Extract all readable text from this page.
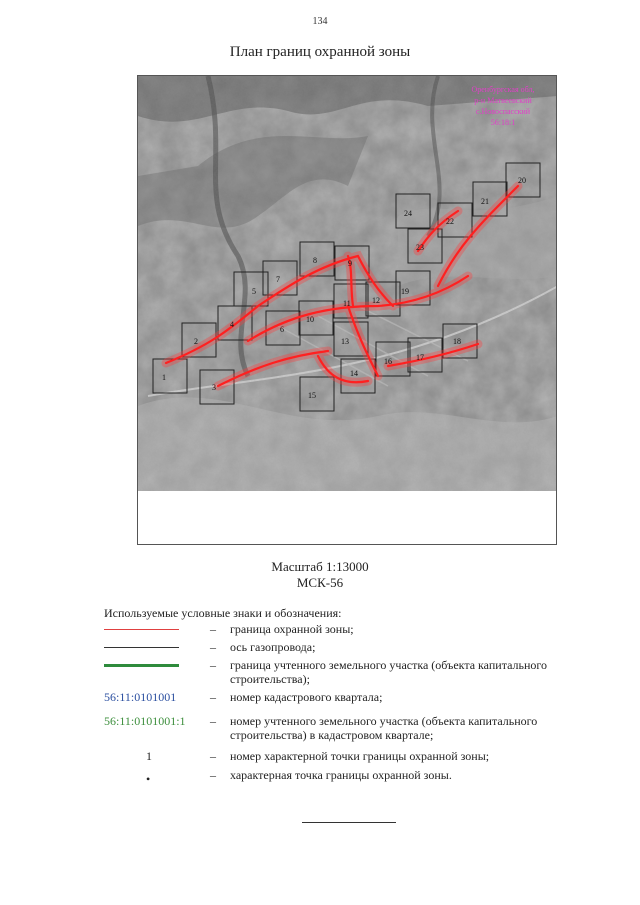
134
План границ охранной зоны
1
2
3
4
5
6
7
8	9
10
11	12
13
14
15
16	17
18
19
20
21
22
23
24
Оренбургская обл,
р-н Матвеевский
с.Новоспасский
56:18:1
Масштаб 1:13000
МСК-56
Используемые условные знаки и обозначения:
– граница охранной зоны;
– ось газопровода;
– граница учтенного земельного участка (объекта капитального строительства);
56:11:0101001	– номер кадастрового квартала;
56:11:0101001:1	– номер учтенного земельного участка (объекта капитального строительства) в кадастровом квартале;
1	– номер характерной точки границы охранной зоны;
•	– характерная точка границы охранной зоны.
